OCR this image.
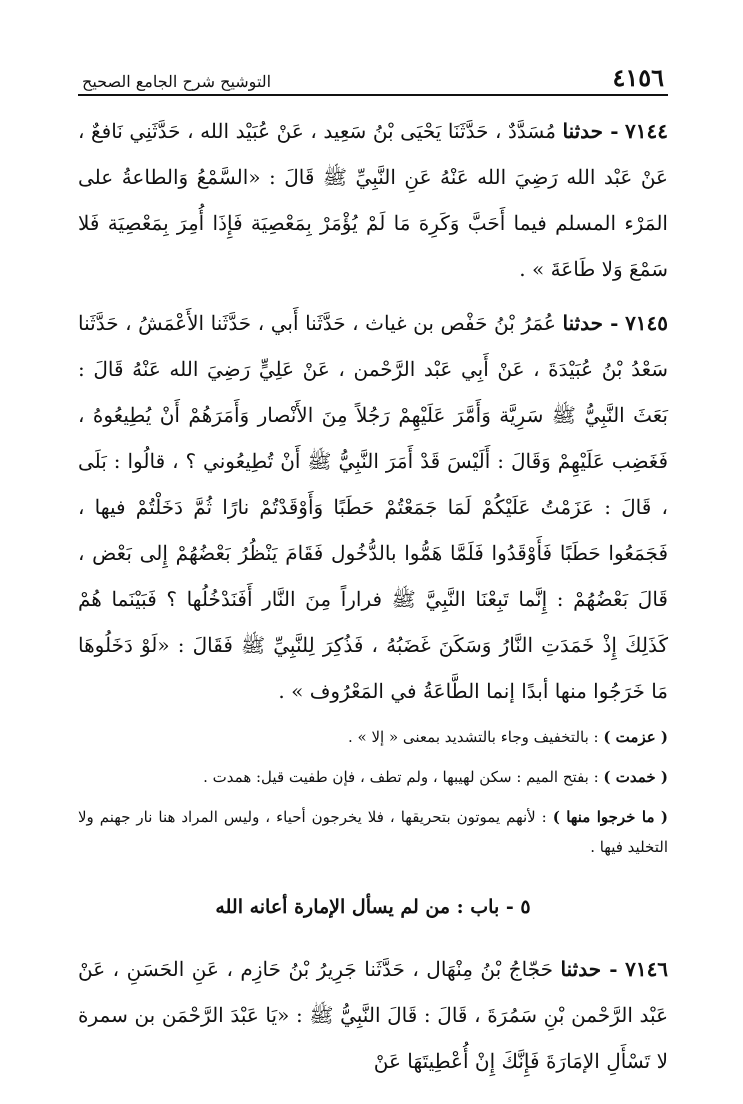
٤١٥٦
التوشيح شرح الجامع الصحيح

٧١٤٤ - حدثنا مُسَدَّدٌ ، حَدَّثَنَا يَحْيَى بْنُ سَعِيد ، عَنْ عُبَيْد الله ، حَدَّثَنِي نَافعٌ ، عَنْ عَبْد الله رَضِيَ الله عَنْهُ عَنِ النَّبِيِّ ﷺ قَالَ : «السَّمْعُ وَالطاعةُ على المَرْء المسلم فيما أَحَبَّ وَكَرِهَ مَا لَمْ يُؤْمَرْ بِمَعْصِيَة فَإِذَا أُمِرَ بِمَعْصِيَة فَلا سَمْعَ وَلا طَاعَةَ » .

٧١٤٥ - حدثنا عُمَرُ بْنُ حَفْص بن غياث ، حَدَّثَنا أَبي ، حَدَّثَنا الأَعْمَشُ ، حَدَّثَنا سَعْدُ بْنُ عُبَيْدَةَ ، عَنْ أَبِي عَبْد الرَّحْمن ، عَنْ عَلِيٍّ رَضِيَ الله عَنْهُ قَالَ : بَعَثَ النَّبِيُّ ﷺ سَرِيَّة وَأَمَّرَ عَلَيْهِمْ رَجُلاً مِنَ الأَنْصار وَأَمَرَهُمْ أَنْ يُطِيعُوهُ ، فَغَضِب عَلَيْهِمْ وَقَالَ : أَلَيْسَ قَدْ أَمَرَ النَّبِيُّ ﷺ أَنْ تُطِيعُوني ؟ ، قالُوا : بَلَى ، قَالَ : عَزَمْتُ عَلَيْكُمْ لَمَا جَمَعْتُمْ حَطَبًا وَأَوْقَدْتُمْ نارًا ثُمَّ دَخَلْتُمْ فيها ، فَجَمَعُوا حَطَبًا فَأَوْقَدُوا فَلَمَّا هَمُّوا بالدُّخُول فَقَامَ يَنْظُرُ بَعْضُهُمْ إِلى بَعْض ، قَالَ بَعْضُهُمْ : إِنَّما تَبِعْنَا النَّبِيَّ ﷺ فراراً مِنَ النَّار أَفَنَدْخُلُها ؟ فَبَيْنَما هُمْ كَذَلِكَ إِذْ خَمَدَتِ النَّارُ وَسَكَنَ غَضَبُهُ ، فَذُكِرَ لِلنَّبِيِّ ﷺ فَقَالَ : «لَوْ دَخَلُوهَا مَا خَرَجُوا منها أبدًا إنما الطَّاعَةُ في المَعْرُوف » .

( عزمت ) : بالتخفيف وجاء بالتشديد بمعنى « إلا » .

( خمدت ) : بفتح الميم : سكن لهيبها ، ولم تطف ، فإن طفيت قيل: همدت .

( ما خرجوا منها ) : لأنهم يموتون بتحريقها ، فلا يخرجون أحياء ، وليس المراد هنا نار جهنم ولا التخليد فيها .

٥ - باب : من لم يسأل الإمارة أعانه الله

٧١٤٦ - حدثنا حَجّاجُ بْنُ مِنْهَال ، حَدَّثَنا جَرِيرُ بْنُ حَازِم ، عَنِ الحَسَنِ ، عَنْ عَبْد الرَّحْمن بْنِ سَمُرَةَ ، قَالَ : قَالَ النَّبِيُّ ﷺ : «يَا عَبْدَ الرَّحْمَن بن سمرة لا تَسْأَلِ الإمَارَةَ فَإِنَّكَ إِنْ أُعْطِيتَهَا عَنْ
